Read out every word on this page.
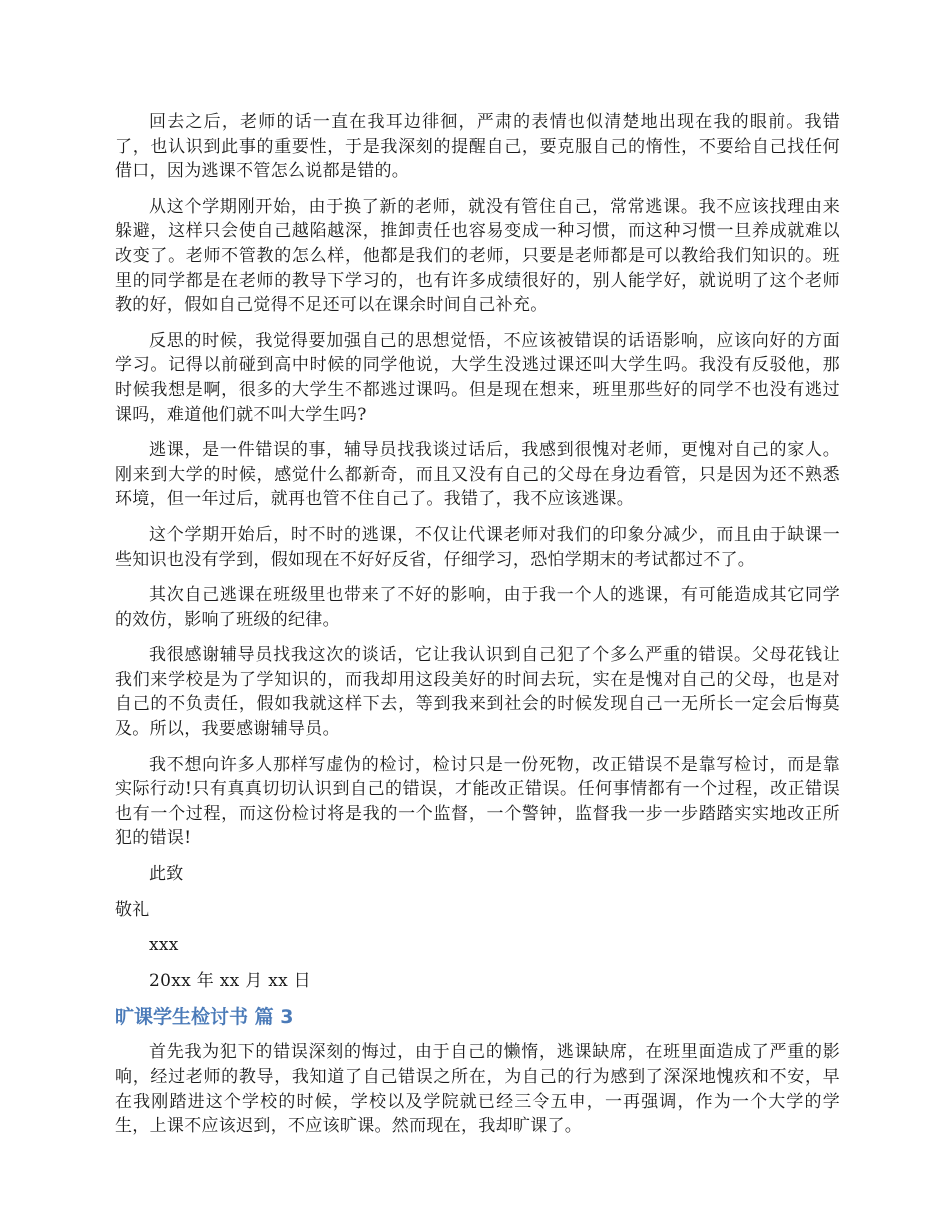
回去之后，老师的话一直在我耳边徘徊，严肃的表情也似清楚地出现在我的眼前。我错了，也认识到此事的重要性，于是我深刻的提醒自己，要克服自己的惰性，不要给自己找任何借口，因为逃课不管怎么说都是错的。

从这个学期刚开始，由于换了新的老师，就没有管住自己，常常逃课。我不应该找理由来躲避，这样只会使自己越陷越深，推卸责任也容易变成一种习惯，而这种习惯一旦养成就难以改变了。老师不管教的怎么样，他都是我们的老师，只要是老师都是可以教给我们知识的。班里的同学都是在老师的教导下学习的，也有许多成绩很好的，别人能学好，就说明了这个老师教的好，假如自己觉得不足还可以在课余时间自己补充。

反思的时候，我觉得要加强自己的思想觉悟，不应该被错误的话语影响，应该向好的方面学习。记得以前碰到高中时候的同学他说，大学生没逃过课还叫大学生吗。我没有反驳他，那时候我想是啊，很多的大学生不都逃过课吗。但是现在想来，班里那些好的同学不也没有逃过课吗，难道他们就不叫大学生吗?

逃课，是一件错误的事，辅导员找我谈过话后，我感到很愧对老师，更愧对自己的家人。刚来到大学的时候，感觉什么都新奇，而且又没有自己的父母在身边看管，只是因为还不熟悉环境，但一年过后，就再也管不住自己了。我错了，我不应该逃课。

这个学期开始后，时不时的逃课，不仅让代课老师对我们的印象分减少，而且由于缺课一些知识也没有学到，假如现在不好好反省，仔细学习，恐怕学期末的考试都过不了。

其次自己逃课在班级里也带来了不好的影响，由于我一个人的逃课，有可能造成其它同学的效仿，影响了班级的纪律。

我很感谢辅导员找我这次的谈话，它让我认识到自己犯了个多么严重的错误。父母花钱让我们来学校是为了学知识的，而我却用这段美好的时间去玩，实在是愧对自己的父母，也是对自己的不负责任，假如我就这样下去，等到我来到社会的时候发现自己一无所长一定会后悔莫及。所以，我要感谢辅导员。

我不想向许多人那样写虚伪的检讨，检讨只是一份死物，改正错误不是靠写检讨，而是靠实际行动!只有真真切切认识到自己的错误，才能改正错误。任何事情都有一个过程，改正错误也有一个过程，而这份检讨将是我的一个监督，一个警钟，监督我一步一步踏踏实实地改正所犯的错误!

此致

敬礼

xxx

20xx 年 xx 月 xx 日

旷课学生检讨书 篇 3

首先我为犯下的错误深刻的悔过，由于自己的懒惰，逃课缺席，在班里面造成了严重的影响，经过老师的教导，我知道了自己错误之所在，为自己的行为感到了深深地愧疚和不安，早在我刚踏进这个学校的时候，学校以及学院就已经三令五申，一再强调，作为一个大学的学生，上课不应该迟到，不应该旷课。然而现在，我却旷课了。
